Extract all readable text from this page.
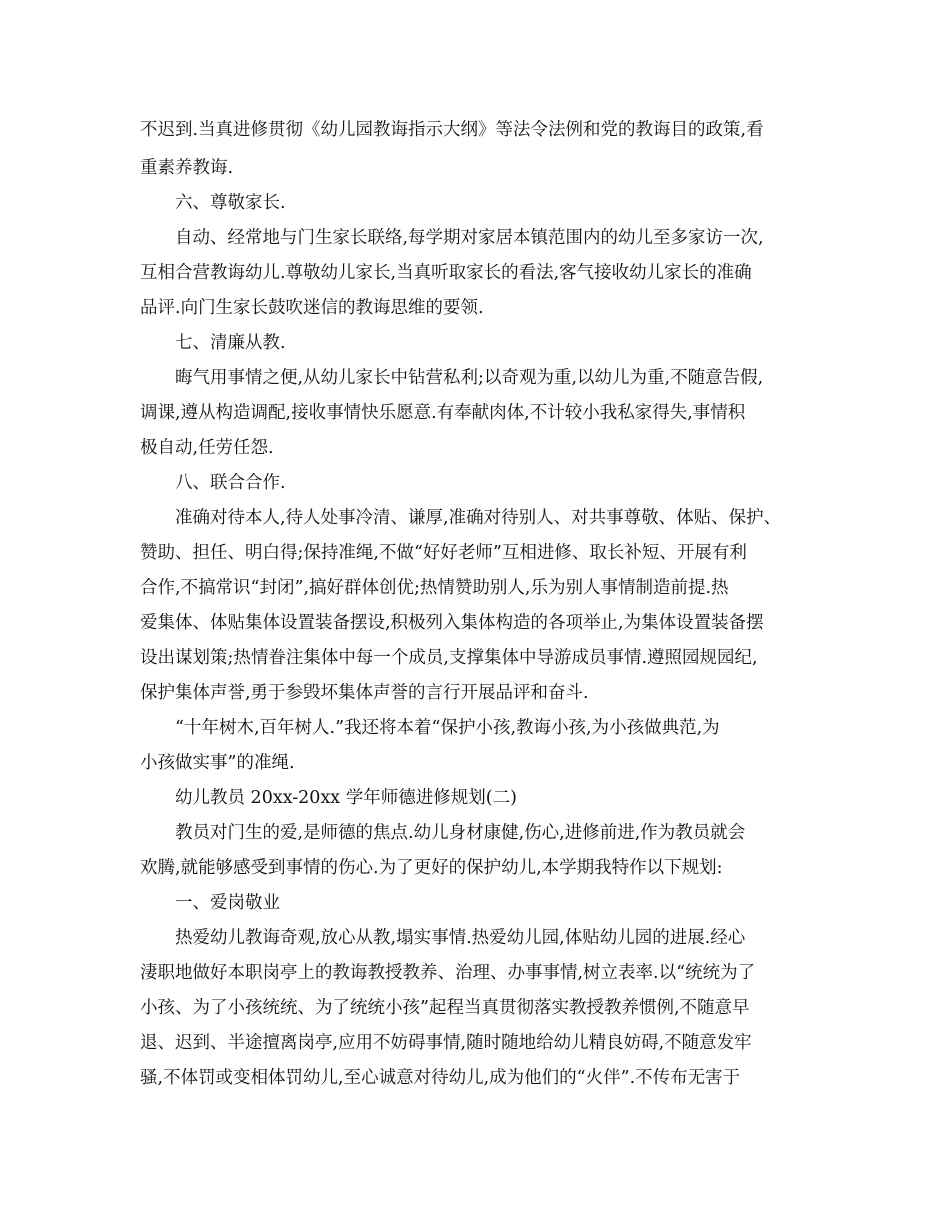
不迟到.当真进修贯彻《幼儿园教诲指示大纲》等法令法例和党的教诲目的政策,看
重素养教诲.
六、尊敬家长.
自动、经常地与门生家长联络,每学期对家居本镇范围内的幼儿至多家访一次,
互相合营教诲幼儿.尊敬幼儿家长,当真听取家长的看法,客气接收幼儿家长的准确
品评.向门生家长鼓吹迷信的教诲思维的要领.
七、清廉从教.
晦气用事情之便,从幼儿家长中钻营私利;以奇观为重,以幼儿为重,不随意告假,
调课,遵从构造调配,接收事情快乐愿意.有奉献肉体,不计较小我私家得失,事情积
极自动,任劳任怨.
八、联合合作.
准确对待本人,待人处事冷清、谦厚,准确对待别人、对共事尊敬、体贴、保护、
赞助、担任、明白得;保持准绳,不做“好好老师”互相进修、取长补短、开展有利
合作,不搞常识“封闭”,搞好群体创优;热情赞助别人,乐为别人事情制造前提.热
爱集体、体贴集体设置装备摆设,积极列入集体构造的各项举止,为集体设置装备摆
设出谋划策;热情眷注集体中每一个成员,支撑集体中导游成员事情.遵照园规园纪,
保护集体声誉,勇于参毁坏集体声誉的言行开展品评和奋斗.
“十年树木,百年树人.”我还将本着“保护小孩,教诲小孩,为小孩做典范,为
小孩做实事”的准绳.
幼儿教员 20xx-20xx 学年师德进修规划(二)
教员对门生的爱,是师德的焦点.幼儿身材康健,伤心,进修前进,作为教员就会
欢腾,就能够感受到事情的伤心.为了更好的保护幼儿,本学期我特作以下规划:
一、爱岗敬业
热爱幼儿教诲奇观,放心从教,塌实事情.热爱幼儿园,体贴幼儿园的进展.经心
淒职地做好本职岗亭上的教诲教授教养、治理、办事事情,树立表率.以“统统为了
小孩、为了小孩统统、为了统统小孩”起程当真贯彻落实教授教养惯例,不随意早
退、迟到、半途擅离岗亭,应用不妨碍事情,随时随地给幼儿精良妨碍,不随意发牢
骚,不体罚或变相体罚幼儿,至心诚意对待幼儿,成为他们的“火伴”.不传布无害于
